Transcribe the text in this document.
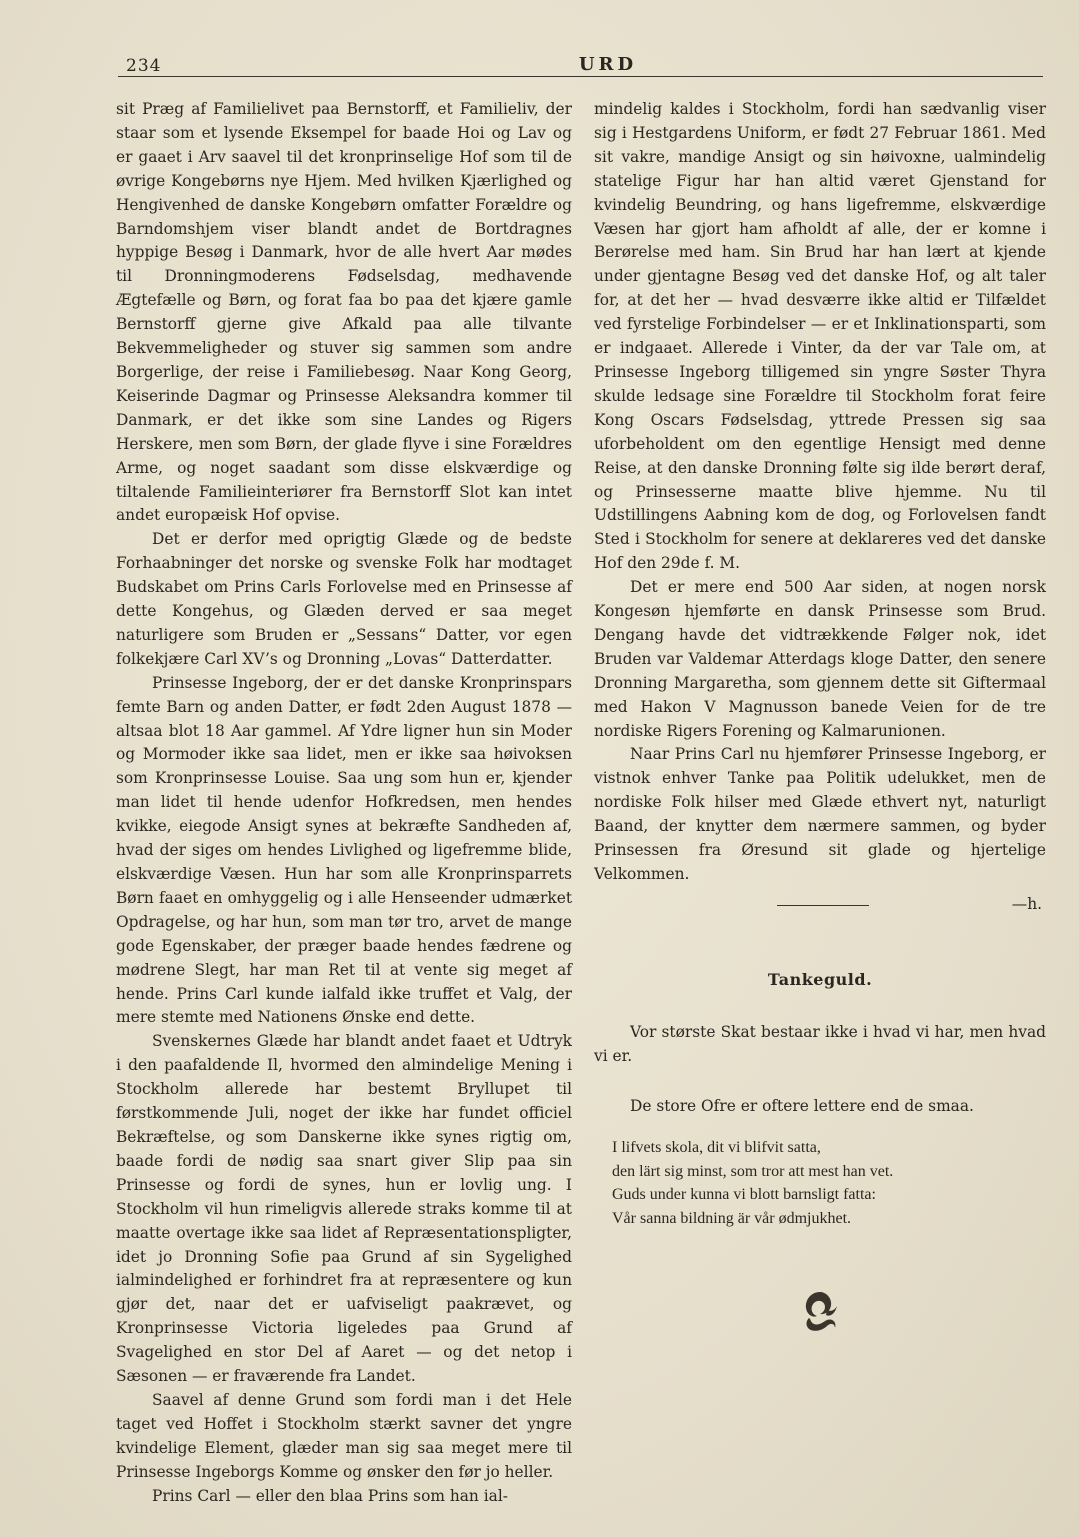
234	URD

sit Præg af Familielivet paa Bernstorff, et Familieliv, der staar som et lysende Eksempel for baade Hoi og Lav og er gaaet i Arv saavel til det kronprinselige Hof som til de øvrige Kongebørns nye Hjem. Med hvilken Kjærlighed og Hengivenhed de danske Kongebørn omfatter Forældre og Barndomshjem viser blandt andet de Bortdragnes hyppige Besøg i Danmark, hvor de alle hvert Aar mødes til Dronningmoderens Fødselsdag, medhavende Ægtefælle og Børn, og forat faa bo paa det kjære gamle Bernstorff gjerne give Afkald paa alle tilvante Bekvemmeligheder og stuver sig sammen som andre Borgerlige, der reise i Familiebesøg. Naar Kong Georg, Keiserinde Dagmar og Prinsesse Aleksandra kommer til Danmark, er det ikke som sine Landes og Rigers Herskere, men som Børn, der glade flyve i sine Forældres Arme, og noget saadant som disse elskværdige og tiltalende Familieinteriører fra Bernstorff Slot kan intet andet europæisk Hof opvise.

Det er derfor med oprigtig Glæde og de bedste Forhaabninger det norske og svenske Folk har modtaget Budskabet om Prins Carls Forlovelse med en Prinsesse af dette Kongehus, og Glæden derved er saa meget naturligere som Bruden er „Sessans“ Datter, vor egen folkekjære Carl XV’s og Dronning „Lovas“ Datterdatter.

Prinsesse Ingeborg, der er det danske Kronprinspars femte Barn og anden Datter, er født 2den August 1878 — altsaa blot 18 Aar gammel. Af Ydre ligner hun sin Moder og Mormoder ikke saa lidet, men er ikke saa høivoksen som Kronprinsesse Louise. Saa ung som hun er, kjender man lidet til hende udenfor Hofkredsen, men hendes kvikke, eiegode Ansigt synes at bekræfte Sandheden af, hvad der siges om hendes Livlighed og ligefremme blide, elskværdige Væsen. Hun har som alle Kronprinsparrets Børn faaet en omhyggelig og i alle Henseender udmærket Opdragelse, og har hun, som man tør tro, arvet de mange gode Egenskaber, der præger baade hendes fædrene og mødrene Slegt, har man Ret til at vente sig meget af hende. Prins Carl kunde ialfald ikke truffet et Valg, der mere stemte med Nationens Ønske end dette.

Svenskernes Glæde har blandt andet faaet et Udtryk i den paafaldende Il, hvormed den almindelige Mening i Stockholm allerede har bestemt Bryllupet til førstkommende Juli, noget der ikke har fundet officiel Bekræftelse, og som Danskerne ikke synes rigtig om, baade fordi de nødig saa snart giver Slip paa sin Prinsesse og fordi de synes, hun er lovlig ung. I Stockholm vil hun rimeligvis allerede straks komme til at maatte overtage ikke saa lidet af Repræsentationspligter, idet jo Dronning Sofie paa Grund af sin Sygelighed ialmindelighed er forhindret fra at repræsentere og kun gjør det, naar det er uafviseligt paakrævet, og Kronprinsesse Victoria ligeledes paa Grund af Svagelighed en stor Del af Aaret — og det netop i Sæsonen — er fraværende fra Landet.

Saavel af denne Grund som fordi man i det Hele taget ved Hoffet i Stockholm stærkt savner det yngre kvindelige Element, glæder man sig saa meget mere til Prinsesse Ingeborgs Komme og ønsker den før jo heller.

Prins Carl — eller den blaa Prins som han ial-

mindelig kaldes i Stockholm, fordi han sædvanlig viser sig i Hestgardens Uniform, er født 27 Februar 1861. Med sit vakre, mandige Ansigt og sin høivoxne, ualmindelig statelige Figur har han altid været Gjenstand for kvindelig Beundring, og hans ligefremme, elskværdige Væsen har gjort ham afholdt af alle, der er komne i Berørelse med ham. Sin Brud har han lært at kjende under gjentagne Besøg ved det danske Hof, og alt taler for, at det her — hvad desværre ikke altid er Tilfældet ved fyrstelige Forbindelser — er et Inklinationsparti, som er indgaaet. Allerede i Vinter, da der var Tale om, at Prinsesse Ingeborg tilligemed sin yngre Søster Thyra skulde ledsage sine Forældre til Stockholm forat feire Kong Oscars Fødselsdag, yttrede Pressen sig saa uforbeholdent om den egentlige Hensigt med denne Reise, at den danske Dronning følte sig ilde berørt deraf, og Prinsesserne maatte blive hjemme. Nu til Udstillingens Aabning kom de dog, og Forlovelsen fandt Sted i Stockholm for senere at deklareres ved det danske Hof den 29de f. M.

Det er mere end 500 Aar siden, at nogen norsk Kongesøn hjemførte en dansk Prinsesse som Brud. Dengang havde det vidtrækkende Følger nok, idet Bruden var Valdemar Atterdags kloge Datter, den senere Dronning Margaretha, som gjennem dette sit Giftermaal med Hakon V Magnusson banede Veien for de tre nordiske Rigers Forening og Kalmarunionen.

Naar Prins Carl nu hjemfører Prinsesse Ingeborg, er vistnok enhver Tanke paa Politik udelukket, men de nordiske Folk hilser med Glæde ethvert nyt, naturligt Baand, der knytter dem nærmere sammen, og byder Prinsessen fra Øresund sit glade og hjertelige Velkommen.

—h.
Tankeguld.
Vor største Skat bestaar ikke i hvad vi har, men hvad vi er.
De store Ofre er oftere lettere end de smaa.
I lifvets skola, dit vi blifvit satta,
den lärt sig minst, som tror att mest han vet.
Guds under kunna vi blott barnsligt fatta:
Vår sanna bildning är vår ødmjukhet.
